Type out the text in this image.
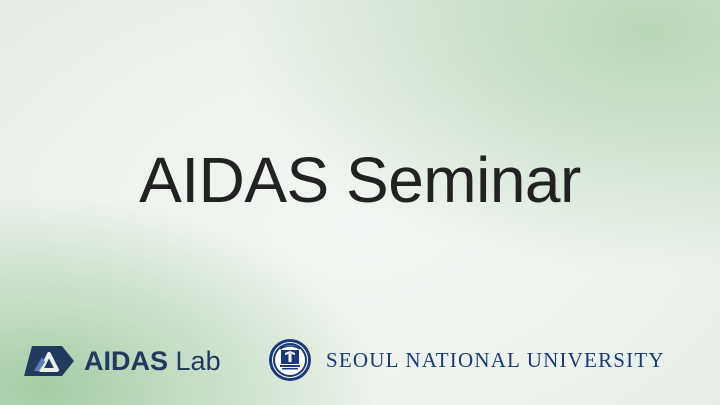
AIDAS Seminar
AIDAS Lab	SEOUL NATIONAL UNIVERSITY
